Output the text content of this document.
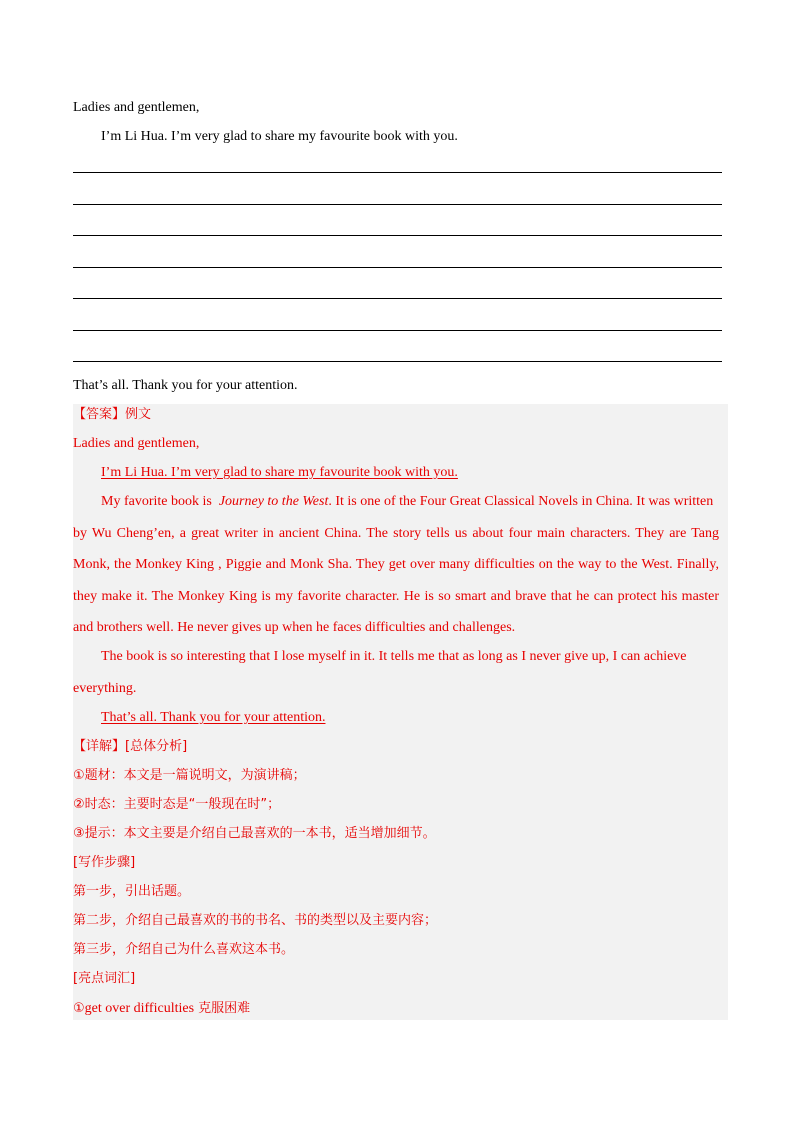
Ladies and gentlemen,
I’m Li Hua. I’m very glad to share my favourite book with you.
That’s all. Thank you for your attention.
【答案】例文
Ladies and gentlemen,
I’m Li Hua. I’m very glad to share my favourite book with you.
My favorite book is Journey to the West. It is one of the Four Great Classical Novels in China. It was written
by Wu Cheng’en, a great writer in ancient China. The story tells us about four main characters. They are Tang
Monk, the Monkey King , Piggie and Monk Sha. They get over many difficulties on the way to the West. Finally,
they make it. The Monkey King is my favorite character. He is so smart and brave that he can protect his master
and brothers well. He never gives up when he faces difficulties and challenges.
The book is so interesting that I lose myself in it. It tells me that as long as I never give up, I can achieve
everything.
That’s all. Thank you for your attention.
【详解】[总体分析]
①题材：本文是一篇说明文，为演讲稿；
②时态：主要时态是“一般现在时”；
③提示：本文主要是介绍自己最喜欢的一本书，适当增加细节。
[写作步骤]
第一步，引出话题。
第二步，介绍自己最喜欢的书的书名、书的类型以及主要内容；
第三步，介绍自己为什么喜欢这本书。
[亮点词汇]
①get over difficulties 克服困难
